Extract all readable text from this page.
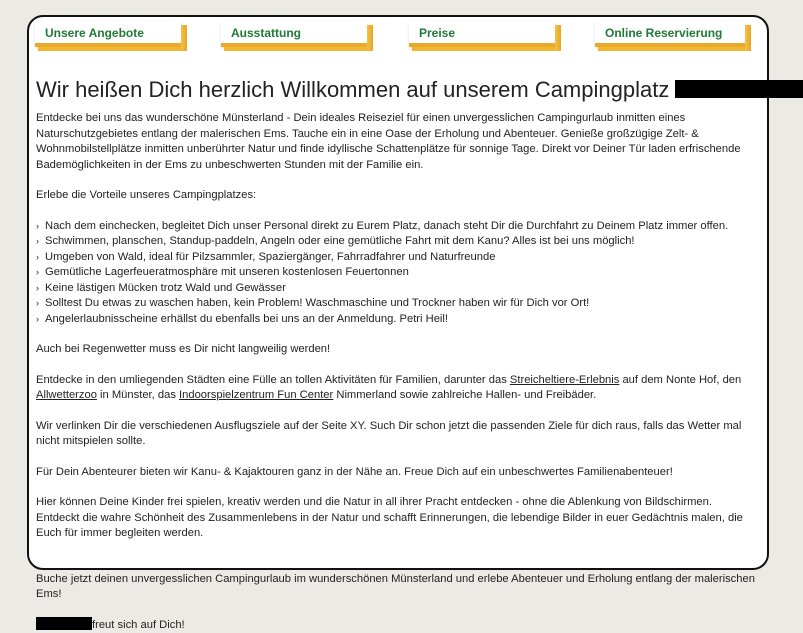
Unsere Angebote	Ausstattung	Preise	Online Reservierung
Wir heißen Dich herzlich Willkommen auf unserem Campingplatz

Entdecke bei uns das wunderschöne Münsterland - Dein ideales Reiseziel für einen unvergesslichen Campingurlaub inmitten eines Naturschutzgebietes entlang der malerischen Ems. Tauche ein in eine Oase der Erholung und Abenteuer. Genieße großzügige Zelt- & Wohnmobilstellplätze inmitten unberührter Natur und finde idyllische Schattenplätze für sonnige Tage. Direkt vor Deiner Tür laden erfrischende Bademöglichkeiten in der Ems zu unbeschwerten Stunden mit der Familie ein.

Erlebe die Vorteile unseres Campingplatzes:

› Nach dem einchecken, begleitet Dich unser Personal direkt zu Eurem Platz, danach steht Dir die Durchfahrt zu Deinem Platz immer offen.
› Schwimmen, planschen, Standup-paddeln, Angeln oder eine gemütliche Fahrt mit dem Kanu? Alles ist bei uns möglich!
› Umgeben von Wald, ideal für Pilzsammler, Spaziergänger, Fahrradfahrer und Naturfreunde
› Gemütliche Lagerfeueratmosphäre mit unseren kostenlosen Feuertonnen
› Keine lästigen Mücken trotz Wald und Gewässer
› Solltest Du etwas zu waschen haben, kein Problem! Waschmaschine und Trockner haben wir für Dich vor Ort!
› Angelerlaubnisscheine erhällst du ebenfalls bei uns an der Anmeldung. Petri Heil!

Auch bei Regenwetter muss es Dir nicht langweilig werden!

Entdecke in den umliegenden Städten eine Fülle an tollen Aktivitäten für Familien, darunter das Streicheltiere-Erlebnis auf dem Nonte Hof, den Allwetterzoo in Münster, das Indoorspielzentrum Fun Center Nimmerland sowie zahlreiche Hallen- und Freibäder.

Wir verlinken Dir die verschiedenen Ausflugsziele auf der Seite XY. Such Dir schon jetzt die passenden Ziele für dich raus, falls das Wetter mal nicht mitspielen sollte.

Für Dein Abenteurer bieten wir Kanu- & Kajaktouren ganz in der Nähe an. Freue Dich auf ein unbeschwertes Familienabenteuer!

Hier können Deine Kinder frei spielen, kreativ werden und die Natur in all ihrer Pracht entdecken - ohne die Ablenkung von Bildschirmen. Entdeckt die wahre Schönheit des Zusammenlebens in der Natur und schafft Erinnerungen, die lebendige Bilder in euer Gedächtnis malen, die Euch für immer begleiten werden.

Buche jetzt deinen unvergesslichen Campingurlaub im wunderschönen Münsterland und erlebe Abenteuer und Erholung entlang der malerischen Ems!

freut sich auf Dich!
